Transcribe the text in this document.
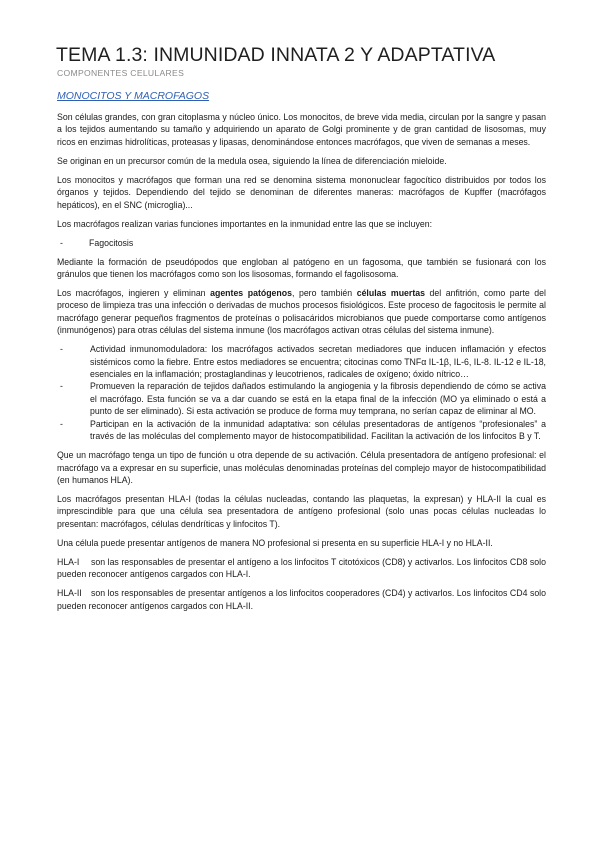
TEMA 1.3: INMUNIDAD INNATA 2 Y ADAPTATIVA
COMPONENTES CELULARES
MONOCITOS Y MACROFAGOS

Son células grandes, con gran citoplasma y núcleo único. Los monocitos, de breve vida media, circulan por la sangre y pasan a los tejidos aumentando su tamaño y adquiriendo un aparato de Golgi prominente y de gran cantidad de lisosomas, muy ricos en enzimas hidrolíticas, proteasas y lipasas, denominándose entonces macrófagos, que viven de semanas a meses.

Se originan en un precursor común de la medula osea, siguiendo la línea de diferenciación mieloide.

Los monocitos y macrófagos que forman una red se denomina sistema mononuclear fagocítico distribuidos por todos los órganos y tejidos. Dependiendo del tejido se denominan de diferentes maneras: macrófagos de Kupffer (macrófagos hepáticos), en el SNC (microglia)...

Los macrófagos realizan varias funciones importantes en la inmunidad entre las que se incluyen:

-	Fagocitosis

Mediante la formación de pseudópodos que engloban al patógeno en un fagosoma, que también se fusionará con los gránulos que tienen los macrófagos como son los lisosomas, formando el fagolisosoma.

Los macrófagos, ingieren y eliminan agentes patógenos, pero también células muertas del anfitrión, como parte del proceso de limpieza tras una infección o derivadas de muchos procesos fisiológicos. Este proceso de fagocitosis le permite al macrófago generar pequeños fragmentos de proteínas o polisacáridos microbianos que puede comportarse como antígenos (inmunógenos) para otras células del sistema inmune (los macrófagos activan otras células del sistema inmune).

-	Actividad inmunomoduladora: los macrófagos activados secretan mediadores que inducen inflamación y efectos sistémicos como la fiebre. Entre estos mediadores se encuentra; citocinas como TNFα IL-1β, IL-6, IL-8. IL-12 e IL-18, esenciales en la inflamación; prostaglandinas y leucotrienos, radicales de oxígeno; óxido nítrico…
-	Promueven la reparación de tejidos dañados estimulando la angiogenia y la fibrosis dependiendo de cómo se activa el macrófago. Esta función se va a dar cuando se está en la etapa final de la infección (MO ya eliminado o está a punto de ser eliminado). Si esta activación se produce de forma muy temprana, no serían capaz de eliminar al MO.
-	Participan en la activación de la inmunidad adaptativa: son células presentadoras de antígenos “profesionales” a través de las moléculas del complemento mayor de histocompatibilidad. Facilitan la activación de los linfocitos B y T.

Que un macrófago tenga un tipo de función u otra depende de su activación. Célula presentadora de antígeno profesional: el macrófago va a expresar en su superficie, unas moléculas denominadas proteínas del complejo mayor de histocompatibilidad (en humanos HLA).

Los macrófagos presentan HLA-I (todas la células nucleadas, contando las plaquetas, la expresan) y HLA-II la cual es imprescindible para que una célula sea presentadora de antígeno profesional (solo unas pocas células nucleadas lo presentan: macrófagos, células dendríticas y linfocitos T).

Una célula puede presentar antígenos de manera NO profesional si presenta en su superficie HLA-I y no HLA-II.

HLA-I son las responsables de presentar el antígeno a los linfocitos T citotóxicos (CD8) y activarlos. Los linfocitos CD8 solo pueden reconocer antígenos cargados con HLA-I.

HLA-II son los responsables de presentar antígenos a los linfocitos cooperadores (CD4) y activarlos. Los linfocitos CD4 solo pueden reconocer antígenos cargados con HLA-II.
